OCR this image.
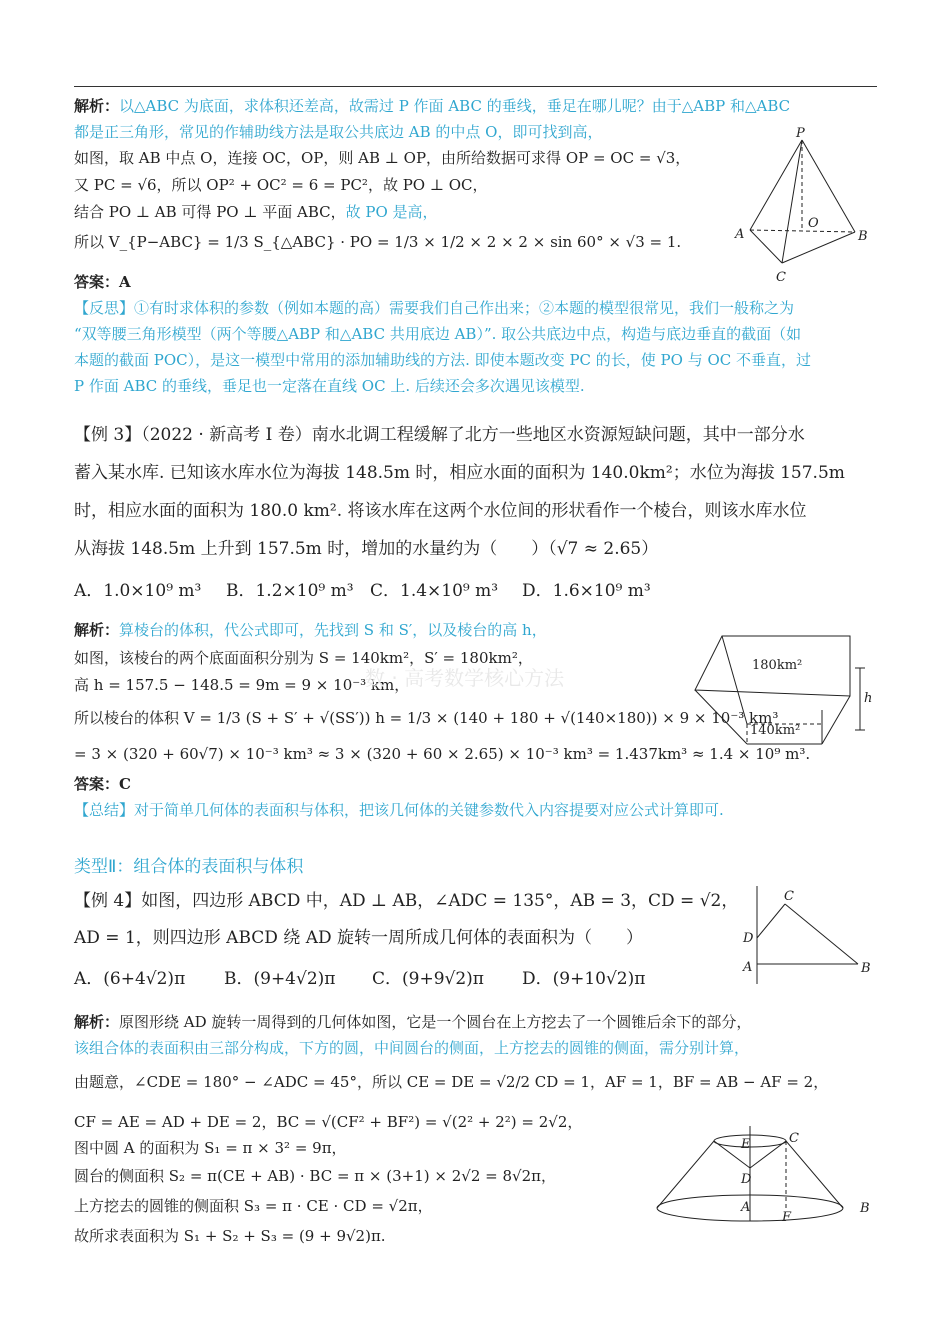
解析：以△ABC 为底面，求体积还差高，故需过 P 作面 ABC 的垂线，垂足在哪儿呢？由于△ABP 和△ABC
都是正三角形，常见的作辅助线方法是取公共底边 AB 的中点 O，即可找到高，
如图，取 AB 中点 O，连接 OC，OP，则 AB ⊥ OP，由所给数据可求得 OP = OC = √3，
又 PC = √6，所以 OP² + OC² = 6 = PC²，故 PO ⊥ OC，
结合 PO ⊥ AB 可得 PO ⊥ 平面 ABC，故 PO 是高，
所以 V_{P−ABC} = 1/3 S_{△ABC} · PO = 1/3 × 1/2 × 2 × 2 × sin 60° × √3 = 1.
答案：A
【反思】①有时求体积的参数（例如本题的高）需要我们自己作出来；②本题的模型很常见，我们一般称之为
“双等腰三角形模型（两个等腰△ABP 和△ABC 共用底边 AB）”. 取公共底边中点，构造与底边垂直的截面（如
本题的截面 POC），是这一模型中常用的添加辅助线的方法. 即使本题改变 PC 的长，使 PO 与 OC 不垂直，过
P 作面 ABC 的垂线，垂足也一定落在直线 OC 上. 后续还会多次遇见该模型.
P
O
A	B
C
【例 3】（2022 · 新高考 Ⅰ 卷）南水北调工程缓解了北方一些地区水资源短缺问题，其中一部分水
蓄入某水库. 已知该水库水位为海拔 148.5m 时，相应水面的面积为 140.0km²；水位为海拔 157.5m
时，相应水面的面积为 180.0 km². 将该水库在这两个水位间的形状看作一个棱台，则该水库水位
从海拔 148.5m 上升到 157.5m 时，增加的水量约为（　　）（√7 ≈ 2.65）
A．1.0×10⁹ m³ B．1.2×10⁹ m³ C．1.4×10⁹ m³ D．1.6×10⁹ m³
解析：算棱台的体积，代公式即可，先找到 S 和 S′，以及棱台的高 h，
如图，该棱台的两个底面面积分别为 S = 140km²，S′ = 180km²，
高 h = 157.5 − 148.5 = 9m = 9 × 10⁻³ km，
数 · 高考数学核心方法
所以棱台的体积 V = 1/3 (S + S′ + √(SS′)) h = 1/3 × (140 + 180 + √(140×180)) × 9 × 10⁻³ km³
= 3 × (320 + 60√7) × 10⁻³ km³ ≈ 3 × (320 + 60 × 2.65) × 10⁻³ km³ = 1.437km³ ≈ 1.4 × 10⁹ m³.
答案：C
【总结】对于简单几何体的表面积与体积，把该几何体的关键参数代入内容提要对应公式计算即可.
180km²
140km²
h
类型Ⅱ：组合体的表面积与体积
【例 4】如图，四边形 ABCD 中，AD ⊥ AB，∠ADC = 135°，AB = 3，CD = √2，
AD = 1，则四边形 ABCD 绕 AD 旋转一周所成几何体的表面积为（　　）
A．(6+4√2)π B．(9+4√2)π C．(9+9√2)π D．(9+10√2)π
解析：原图形绕 AD 旋转一周得到的几何体如图，它是一个圆台在上方挖去了一个圆锥后余下的部分，
该组合体的表面积由三部分构成，下方的圆，中间圆台的侧面，上方挖去的圆锥的侧面，需分别计算，
由题意，∠CDE = 180° − ∠ADC = 45°，所以 CE = DE = √2/2 CD = 1，AF = 1，BF = AB − AF = 2，
CF = AE = AD + DE = 2，BC = √(CF² + BF²) = √(2² + 2²) = 2√2，
图中圆 A 的面积为 S₁ = π × 3² = 9π，
圆台的侧面积 S₂ = π(CE + AB) · BC = π × (3+1) × 2√2 = 8√2π，
上方挖去的圆锥的侧面积 S₃ = π · CE · CD = √2π，
故所求表面积为 S₁ + S₂ + S₃ = (9 + 9√2)π.
C
D
A	B
E	C
D
A
F
B
